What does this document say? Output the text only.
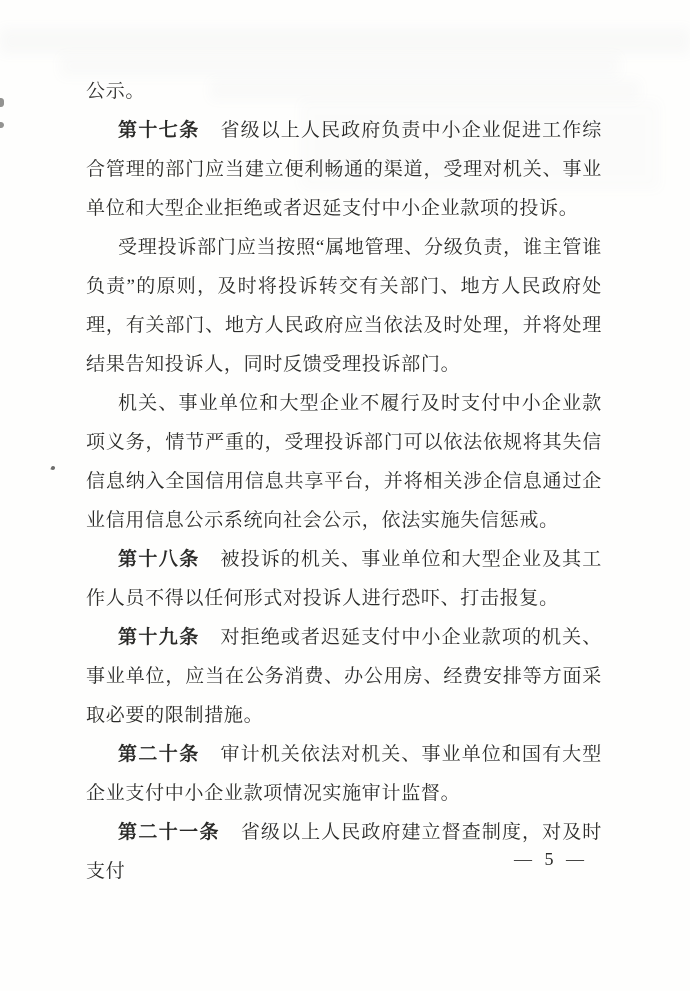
公示。

第十七条 省级以上人民政府负责中小企业促进工作综合管理的部门应当建立便利畅通的渠道，受理对机关、事业单位和大型企业拒绝或者迟延支付中小企业款项的投诉。

受理投诉部门应当按照“属地管理、分级负责，谁主管谁负责”的原则，及时将投诉转交有关部门、地方人民政府处理，有关部门、地方人民政府应当依法及时处理，并将处理结果告知投诉人，同时反馈受理投诉部门。

机关、事业单位和大型企业不履行及时支付中小企业款项义务，情节严重的，受理投诉部门可以依法依规将其失信信息纳入全国信用信息共享平台，并将相关涉企信息通过企业信用信息公示系统向社会公示，依法实施失信惩戒。

第十八条 被投诉的机关、事业单位和大型企业及其工作人员不得以任何形式对投诉人进行恐吓、打击报复。

第十九条 对拒绝或者迟延支付中小企业款项的机关、事业单位，应当在公务消费、办公用房、经费安排等方面采取必要的限制措施。

第二十条 审计机关依法对机关、事业单位和国有大型企业支付中小企业款项情况实施审计监督。

第二十一条 省级以上人民政府建立督查制度，对及时支付

— 5 —
